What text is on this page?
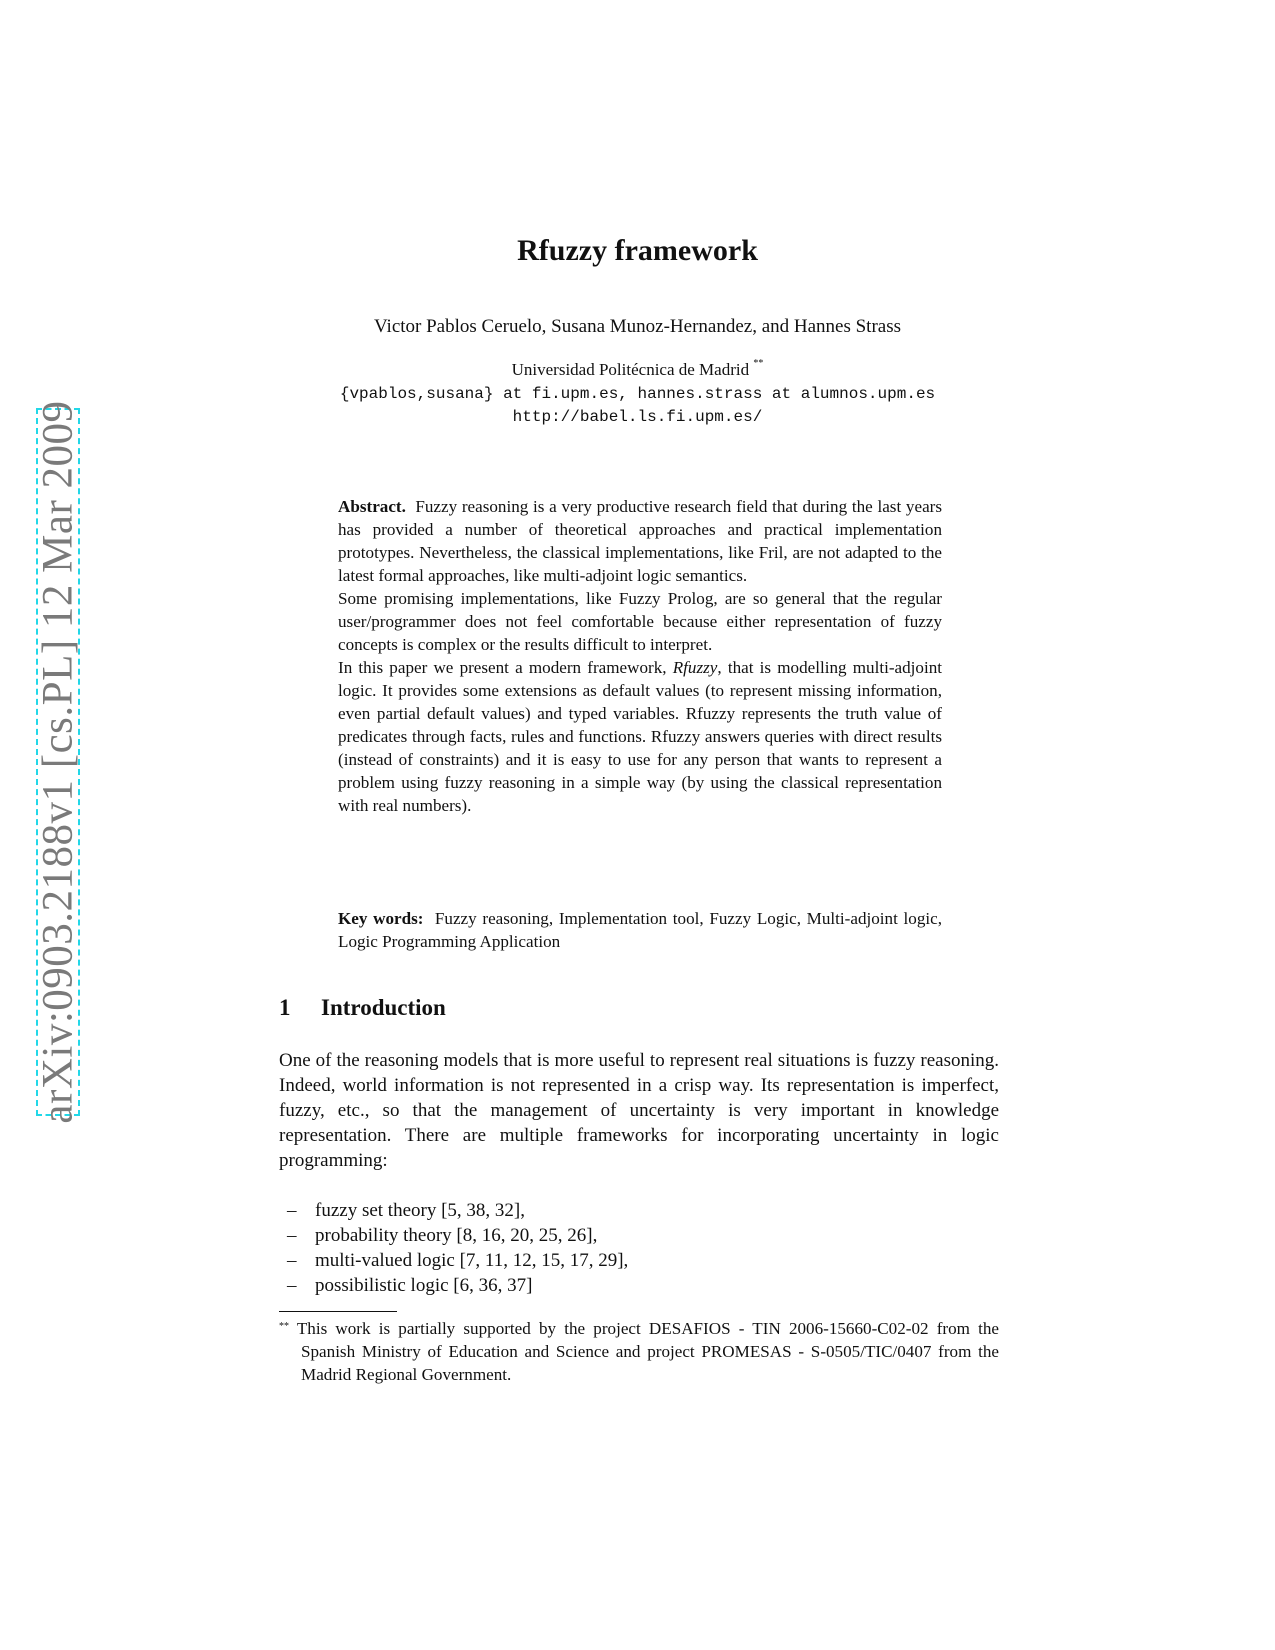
arXiv:0903.2188v1 [cs.PL] 12 Mar 2009
Rfuzzy framework
Victor Pablos Ceruelo, Susana Munoz-Hernandez, and Hannes Strass
Universidad Politécnica de Madrid **
{vpablos,susana} at fi.upm.es, hannes.strass at alumnos.upm.es
http://babel.ls.fi.upm.es/

Abstract. Fuzzy reasoning is a very productive research field that during the last years has provided a number of theoretical approaches and practical implementation prototypes. Nevertheless, the classical implementations, like Fril, are not adapted to the latest formal approaches, like multi-adjoint logic semantics.

Some promising implementations, like Fuzzy Prolog, are so general that the regular user/programmer does not feel comfortable because either representation of fuzzy concepts is complex or the results difficult to interpret.

In this paper we present a modern framework, Rfuzzy, that is modelling multi-adjoint logic. It provides some extensions as default values (to represent missing information, even partial default values) and typed variables. Rfuzzy represents the truth value of predicates through facts, rules and functions. Rfuzzy answers queries with direct results (instead of constraints) and it is easy to use for any person that wants to represent a problem using fuzzy reasoning in a simple way (by using the classical representation with real numbers).

Key words: Fuzzy reasoning, Implementation tool, Fuzzy Logic, Multi-adjoint logic, Logic Programming Application
1 Introduction

One of the reasoning models that is more useful to represent real situations is fuzzy reasoning. Indeed, world information is not represented in a crisp way. Its representation is imperfect, fuzzy, etc., so that the management of uncertainty is very important in knowledge representation. There are multiple frameworks for incorporating uncertainty in logic programming:

– fuzzy set theory [5, 38, 32],
– probability theory [8, 16, 20, 25, 26],
– multi-valued logic [7, 11, 12, 15, 17, 29],
– possibilistic logic [6, 36, 37]
** This work is partially supported by the project DESAFIOS - TIN 2006-15660-C02-02 from the Spanish Ministry of Education and Science and project PROMESAS - S-0505/TIC/0407 from the Madrid Regional Government.
